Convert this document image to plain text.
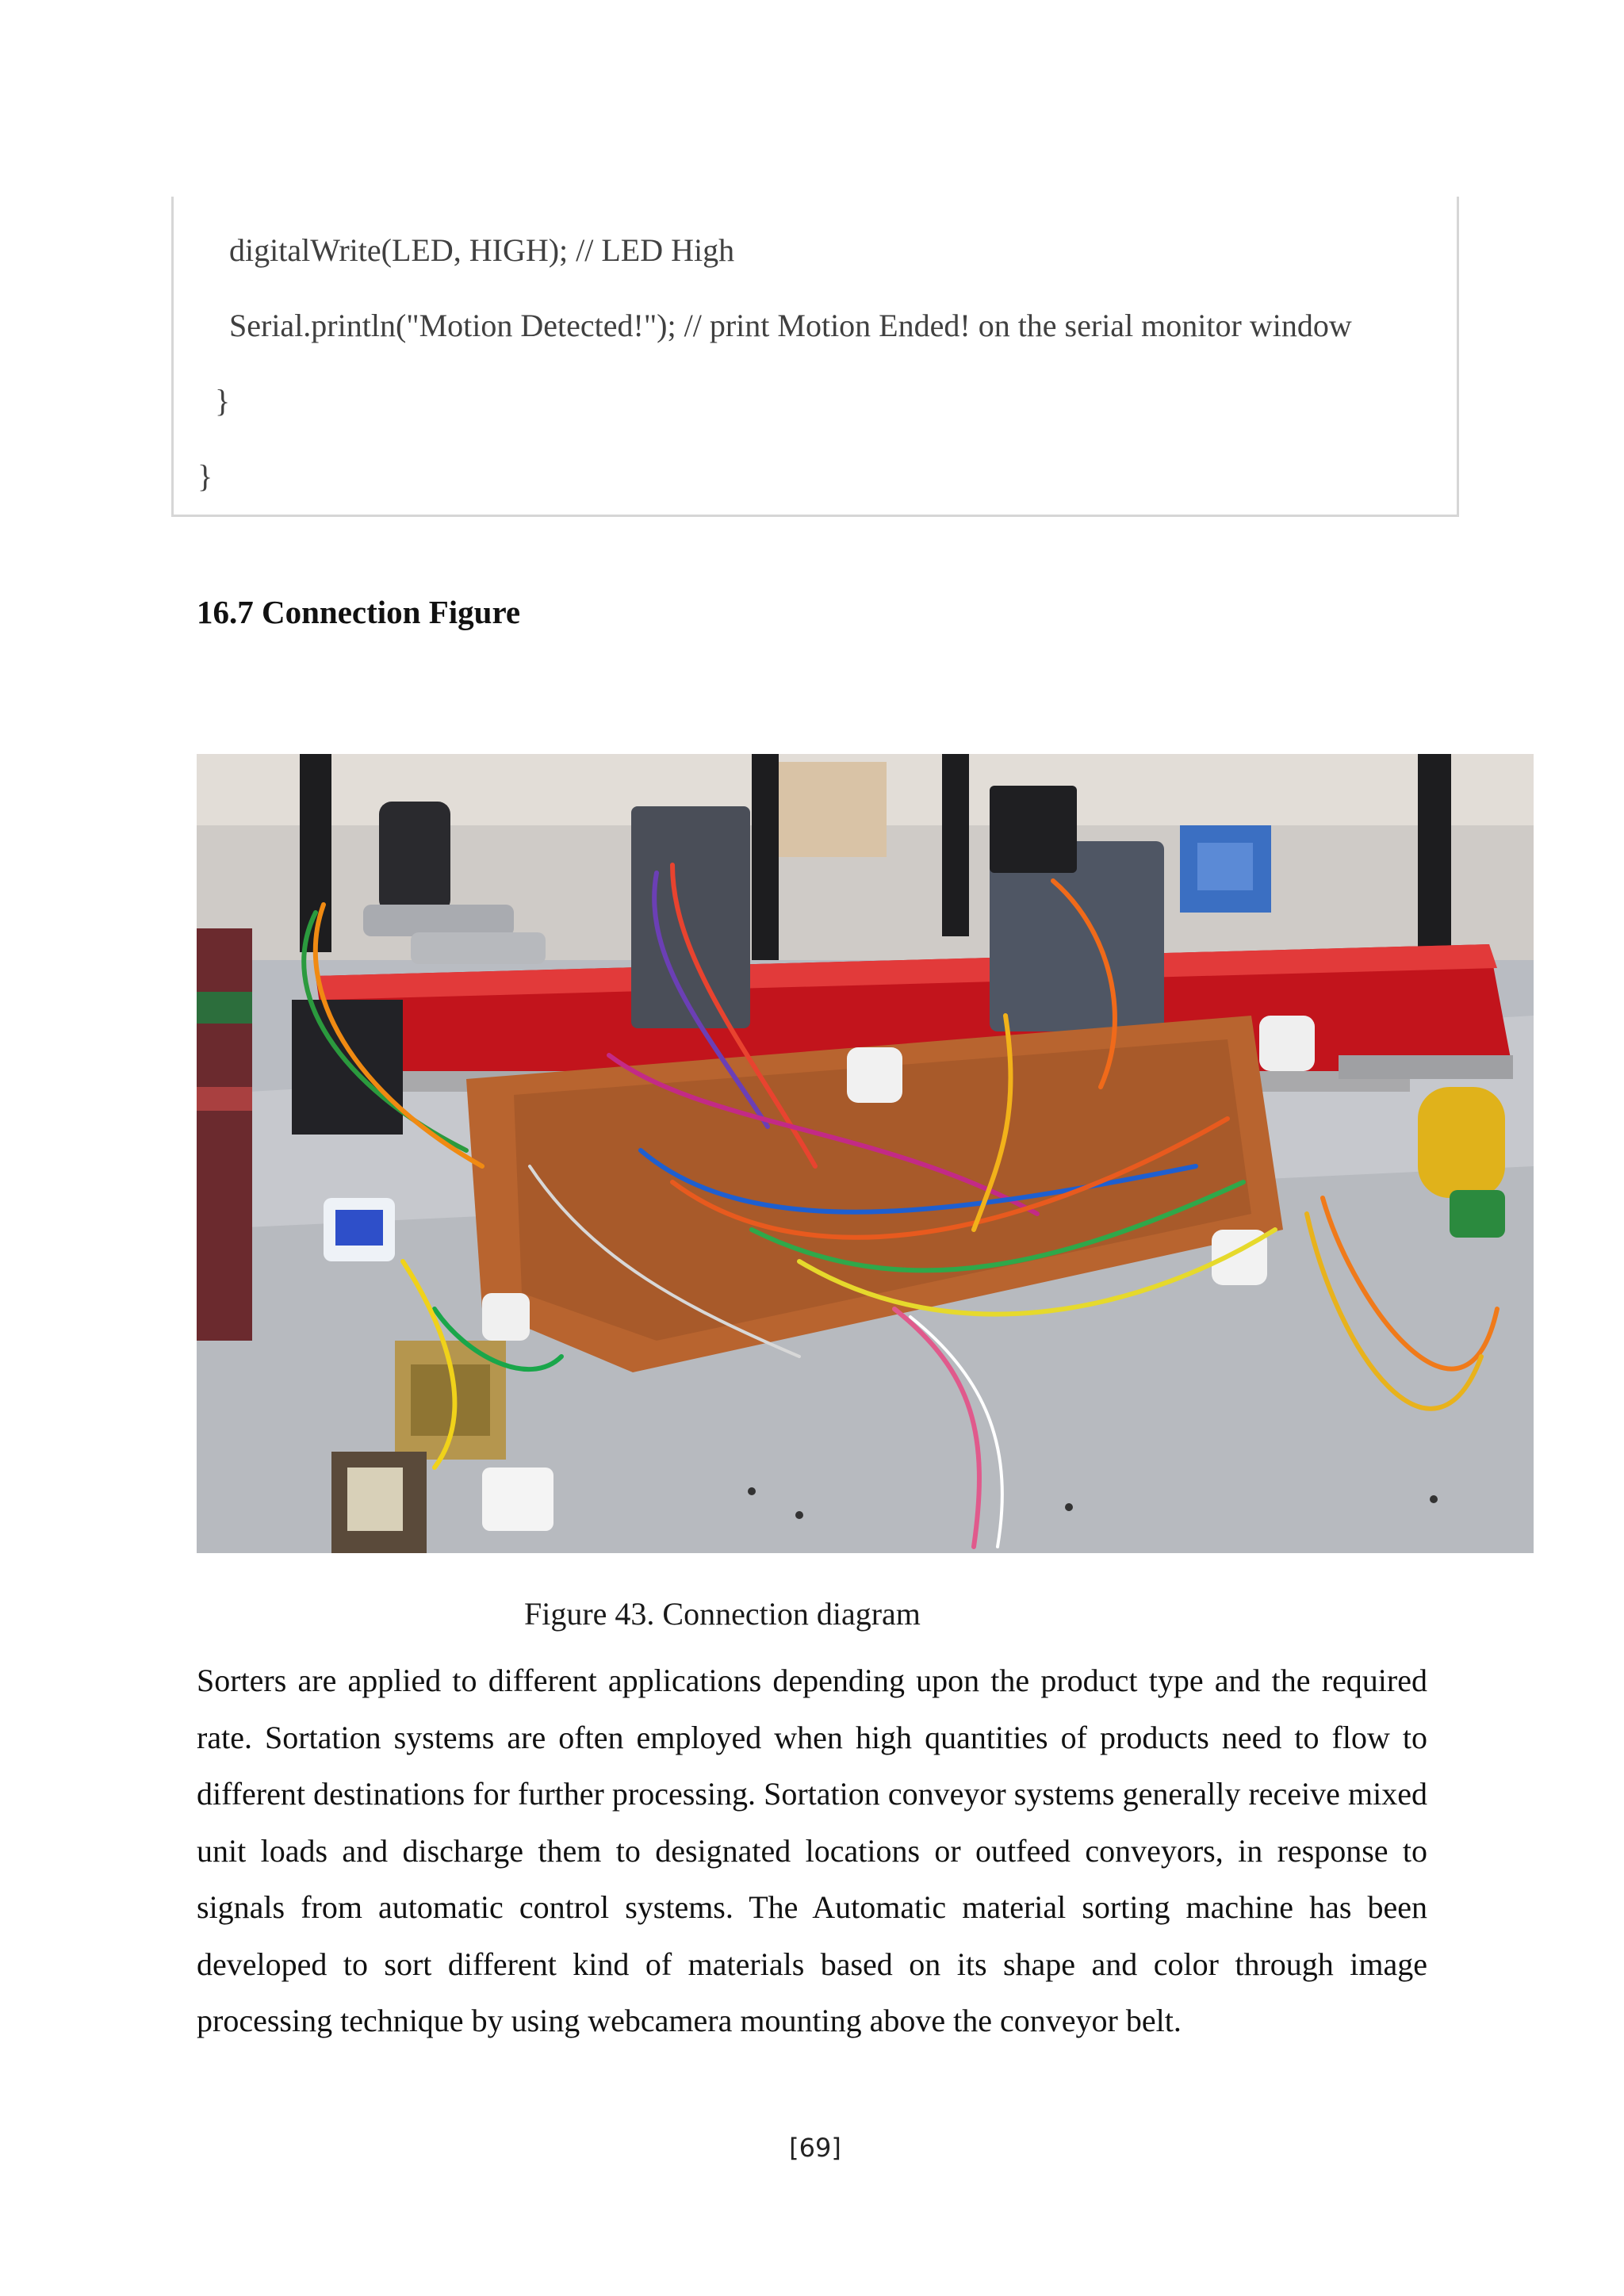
digitalWrite(LED, HIGH); // LED High

Serial.println("Motion Detected!"); // print Motion Ended! on the serial monitor window

}

}

16.7 Connection Figure

Figure 43. Connection diagram

Sorters are applied to different applications depending upon the product type and the required rate. Sortation systems are often employed when high quantities of products need to flow to different destinations for further processing. Sortation conveyor systems generally receive mixed unit loads and discharge them to designated locations or outfeed conveyors, in response to signals from automatic control systems. The Automatic material sorting machine has been developed to sort different kind of materials based on its shape and color through image processing technique by using webcamera mounting above the conveyor belt.

[69]
